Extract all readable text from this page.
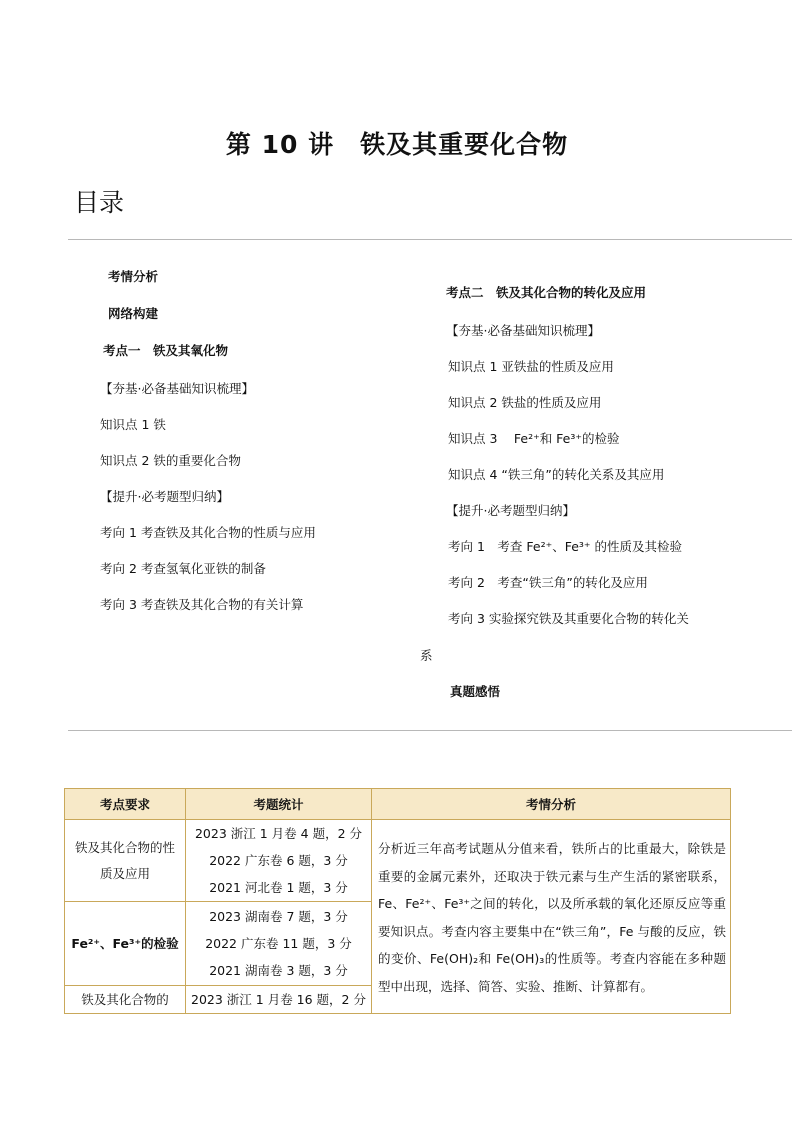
第 10 讲　铁及其重要化合物
目录
考情分析
网络构建
考点一　铁及其氧化物
【夯基·必备基础知识梳理】
知识点 1 铁
知识点 2 铁的重要化合物
【提升·必考题型归纳】
考向 1 考查铁及其化合物的性质与应用
考向 2 考查氢氧化亚铁的制备
考向 3 考查铁及其化合物的有关计算
考点二　铁及其化合物的转化及应用
【夯基·必备基础知识梳理】
知识点 1 亚铁盐的性质及应用
知识点 2 铁盐的性质及应用
知识点 3　 Fe²⁺和 Fe³⁺的检验
知识点 4 “铁三角”的转化关系及其应用
【提升·必考题型归纳】
考向 1　考查 Fe²⁺、Fe³⁺ 的性质及其检验
考向 2　考查“铁三角”的转化及应用
考向 3 实验探究铁及其重要化合物的转化关
系
真题感悟
考点要求	考题统计	考情分析
铁及其化合物的性质及应用	2023 浙江 1 月卷 4 题，2 分
2022 广东卷 6 题，3 分
2021 河北卷 1 题，3 分	分析近三年高考试题从分值来看，铁所占的比重最大，除铁是重要的金属元素外，还取决于铁元素与生产生活的紧密联系，Fe、Fe²⁺、Fe³⁺之间的转化，以及所承载的氧化还原反应等重要知识点。考查内容主要集中在“铁三角”，Fe 与酸的反应，铁的变价、Fe(OH)₂和 Fe(OH)₃的性质等。考查内容能在多种题型中出现，选择、简答、实验、推断、计算都有。
Fe²⁺、Fe³⁺的检验	2023 湖南卷 7 题，3 分
2022 广东卷 11 题，3 分
2021 湖南卷 3 题，3 分	

铁及其化合物的	2023 浙江 1 月卷 16 题，2 分	
